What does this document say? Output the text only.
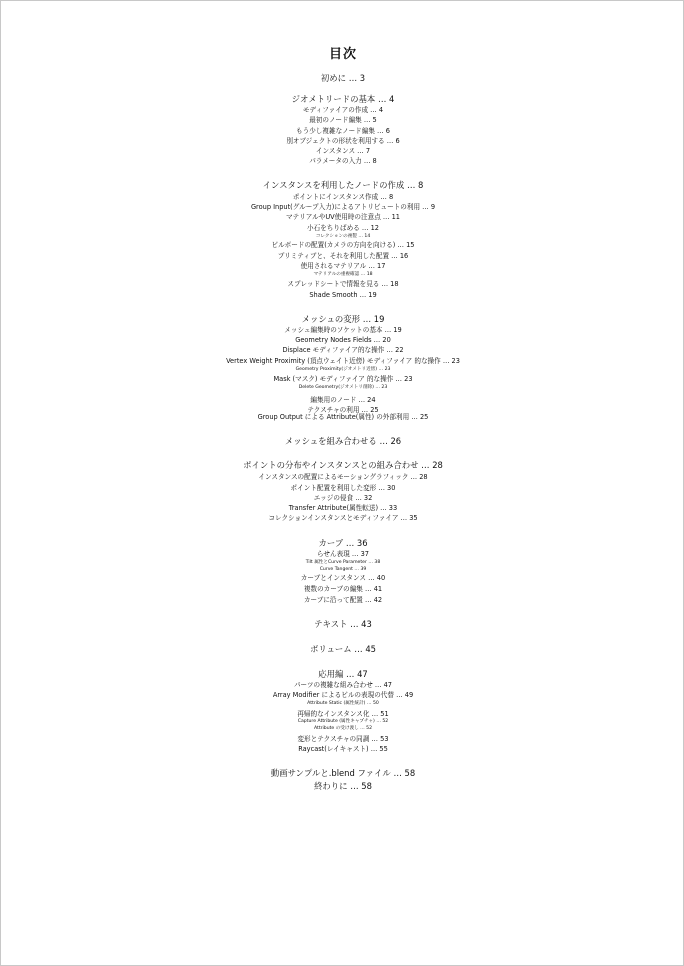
目次
初めに … 3
ジオメトリードの基本 … 4
モディファイアの作成 … 4
最初のノード編集 … 5
もう少し複雑なノード編集 … 6
別オブジェクトの形状を利用する … 6
インスタンス … 7
パラメータの入力 … 8
インスタンスを利用したノードの作成 … 8
ポイントにインスタンス作成 … 8
Group Input(グループ入力)によるアトリビュートの利用 … 9
マテリアルやUV使用時の注意点 … 11
小石をちりばめる … 12
コレクションの複製 … 14
ビルボードの配置(カメラの方向を向ける) … 15
プリミティブと、それを利用した配置 … 16
使用されるマテリアル … 17
マテリアルの重複確認 … 18
スプレッドシートで情報を見る … 18
Shade Smooth … 19
メッシュの変形 … 19
メッシュ編集時のソケットの基本 … 19
Geometry Nodes Fields … 20
Displace モディファイア的な操作 … 22
Vertex Weight Proximity (頂点ウェイト近傍) モディファイア 的な操作 … 23
Geometry Proximity(ジオメトリ近傍) … 23
Mask (マスク) モディファイア 的な操作 … 23
Delete Geometry(ジオメトリ削除) … 23
編集用のノード … 24
テクスチャの利用 … 25
Group Output による Attribute(属性) の外部利用 … 25
メッシュを組み合わせる … 26
ポイントの分布やインスタンスとの組み合わせ … 28
インスタンスの配置によるモーショングラフィック … 28
ポイント配置を利用した変形 … 30
エッジの侵食 … 32
Transfer Attribute(属性転送) … 33
コレクションインスタンスとモディファイア … 35
カーブ … 36
らせん表現 … 37
Tilt 属性とCurve Parameter … 38
Curve Tangent … 39
カーブとインスタンス … 40
複数のカーブの編集 … 41
カーブに沿って配置 … 42
テキスト … 43
ボリューム … 45
応用編 … 47
パーツの複雑な組み合わせ … 47
Array Modifier によるビルの表現の代替 … 49
Attribute Static (属性統計) … 50
再帰的なインスタンス化 … 51
Capture Attribute (属性キャプチャ) … 52
Attribute の受け渡し … 52
変形とテクスチャの同調 … 53
Raycast(レイキャスト) … 55
動画サンプルと.blend ファイル … 58
終わりに … 58
